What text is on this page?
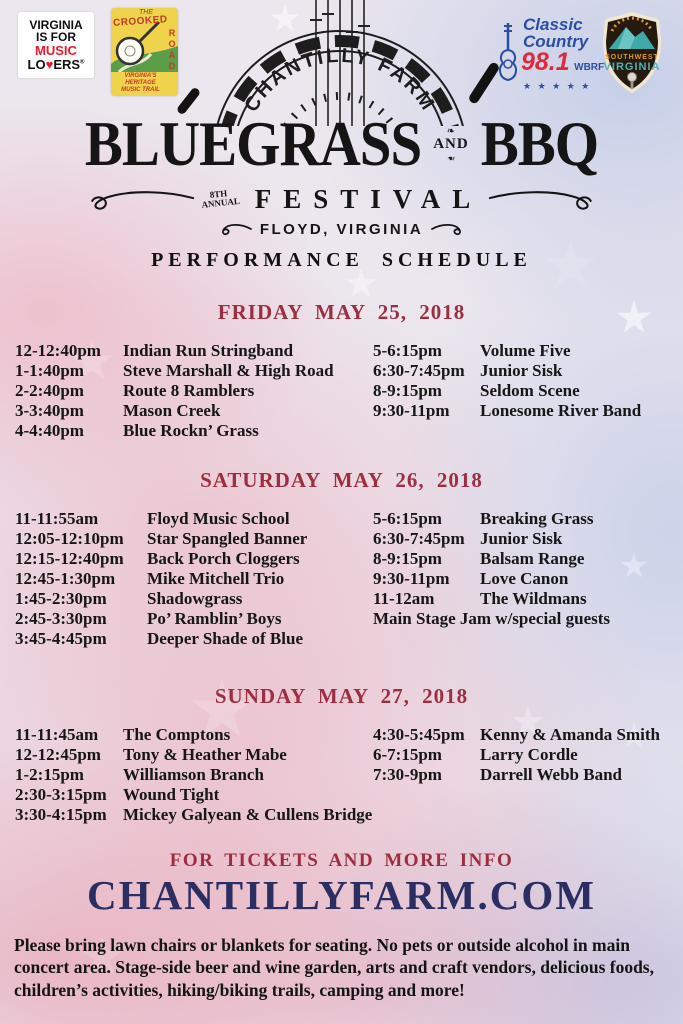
VIRGINIA
IS FOR
MUSIC
LO♥ERS®
THE
CROOKED
ROAD
VIRGINIA’S HERITAGE
MUSIC TRAIL
Classic
Country
98.1 WBRF
★ ★ ★ ★ ★
SOUTHWEST
VIRGINIA
CHANTILLY FARM
BLUEGRASS	❧
AND
❧ BBQ
8TH ANNUAL FESTIVAL
FLOYD, VIRGINIA
PERFORMANCE SCHEDULE
FRIDAY MAY 25, 2018
12-12:40pm Indian Run Stringband
1-1:40pm Steve Marshall & High Road
2-2:40pm Route 8 Ramblers
3-3:40pm Mason Creek
4-4:40pm Blue Rockn’ Grass
5-6:15pm Volume Five
6:30-7:45pm Junior Sisk
8-9:15pm Seldom Scene
9:30-11pm Lonesome River Band
SATURDAY MAY 26, 2018
11-11:55am	Floyd Music School
12:05-12:10pm Star Spangled Banner
12:15-12:40pm Back Porch Cloggers
12:45-1:30pm Mike Mitchell Trio
1:45-2:30pm Shadowgrass
2:45-3:30pm Po’ Ramblin’ Boys
3:45-4:45pm Deeper Shade of Blue
5-6:15pm Breaking Grass
6:30-7:45pm Junior Sisk
8-9:15pm Balsam Range
9:30-11pm Love Canon
11-12am	The Wildmans
Main Stage Jam w/special guests
SUNDAY MAY 27, 2018
11-11:45am The Comptons
12-12:45pm Tony & Heather Mabe
1-2:15pm Williamson Branch
2:30-3:15pm Wound Tight
3:30-4:15pm Mickey Galyean & Cullens Bridge
4:30-5:45pm Kenny & Amanda Smith
6-7:15pm Larry Cordle
7:30-9pm Darrell Webb Band
FOR TICKETS AND MORE INFO
CHANTILLYFARM.COM
Please bring lawn chairs or blankets for seating. No pets or outside alcohol in main concert area. Stage-side beer and wine garden, arts and craft vendors, delicious foods, children’s activities, hiking/biking trails, camping and more!
